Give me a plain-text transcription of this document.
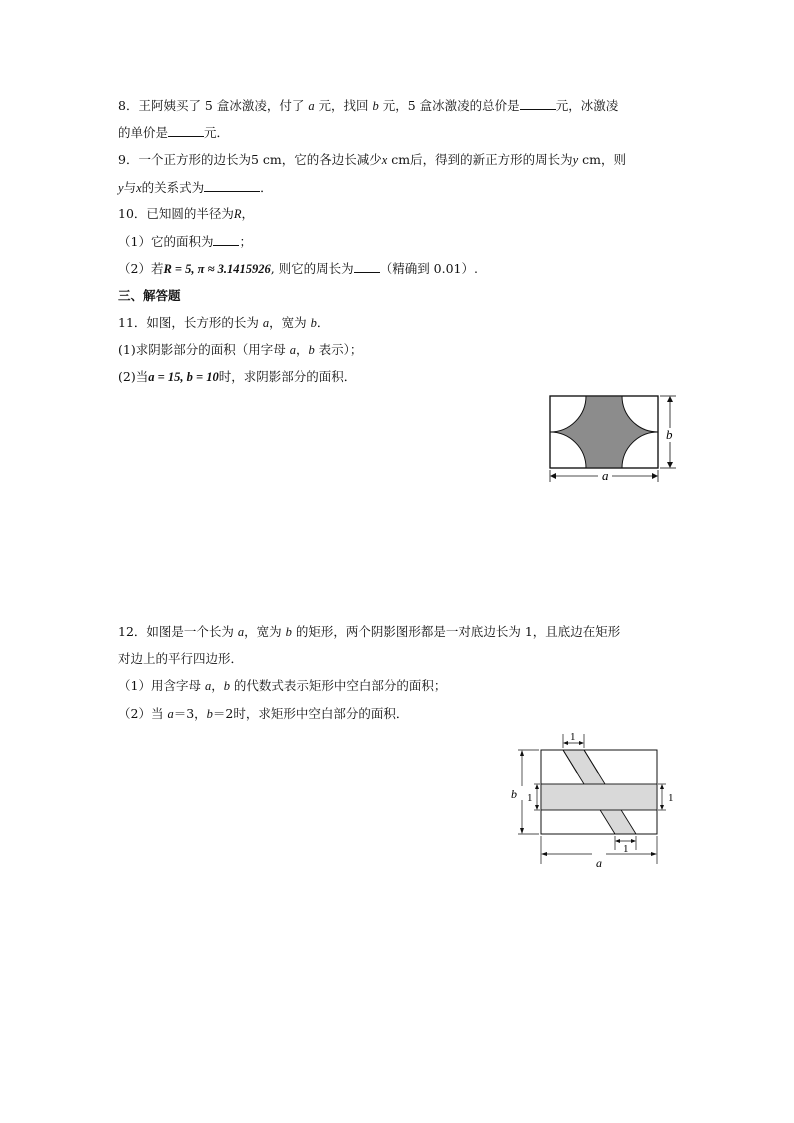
8．王阿姨买了 5 盒冰激凌，付了 a 元，找回 b 元，5 盒冰激凌的总价是	元，冰激凌
的单价是	元．
9．一个正方形的边长为5 cm，它的各边长减少x cm后，得到的新正方形的周长为y cm，则
y与x的关系式为	．
10．已知圆的半径为R，
（1）它的面积为 ；
（2）若R = 5, π ≈ 3.1415926, 则它的周长为 （精确到 0.01）.
三、解答题
11．如图，长方形的长为 a，宽为 b．
(1)求阴影部分的面积（用字母 a，b 表示）；
(2)当a = 15, b = 10时，求阴影部分的面积．
b
a
12．如图是一个长为 a，宽为 b 的矩形，两个阴影图形都是一对底边长为 1，且底边在矩形
对边上的平行四边形．
（1）用含字母 a，b 的代数式表示矩形中空白部分的面积；
（2）当 a＝3，b＝2时，求矩形中空白部分的面积．
1
1
1	1
b
a
